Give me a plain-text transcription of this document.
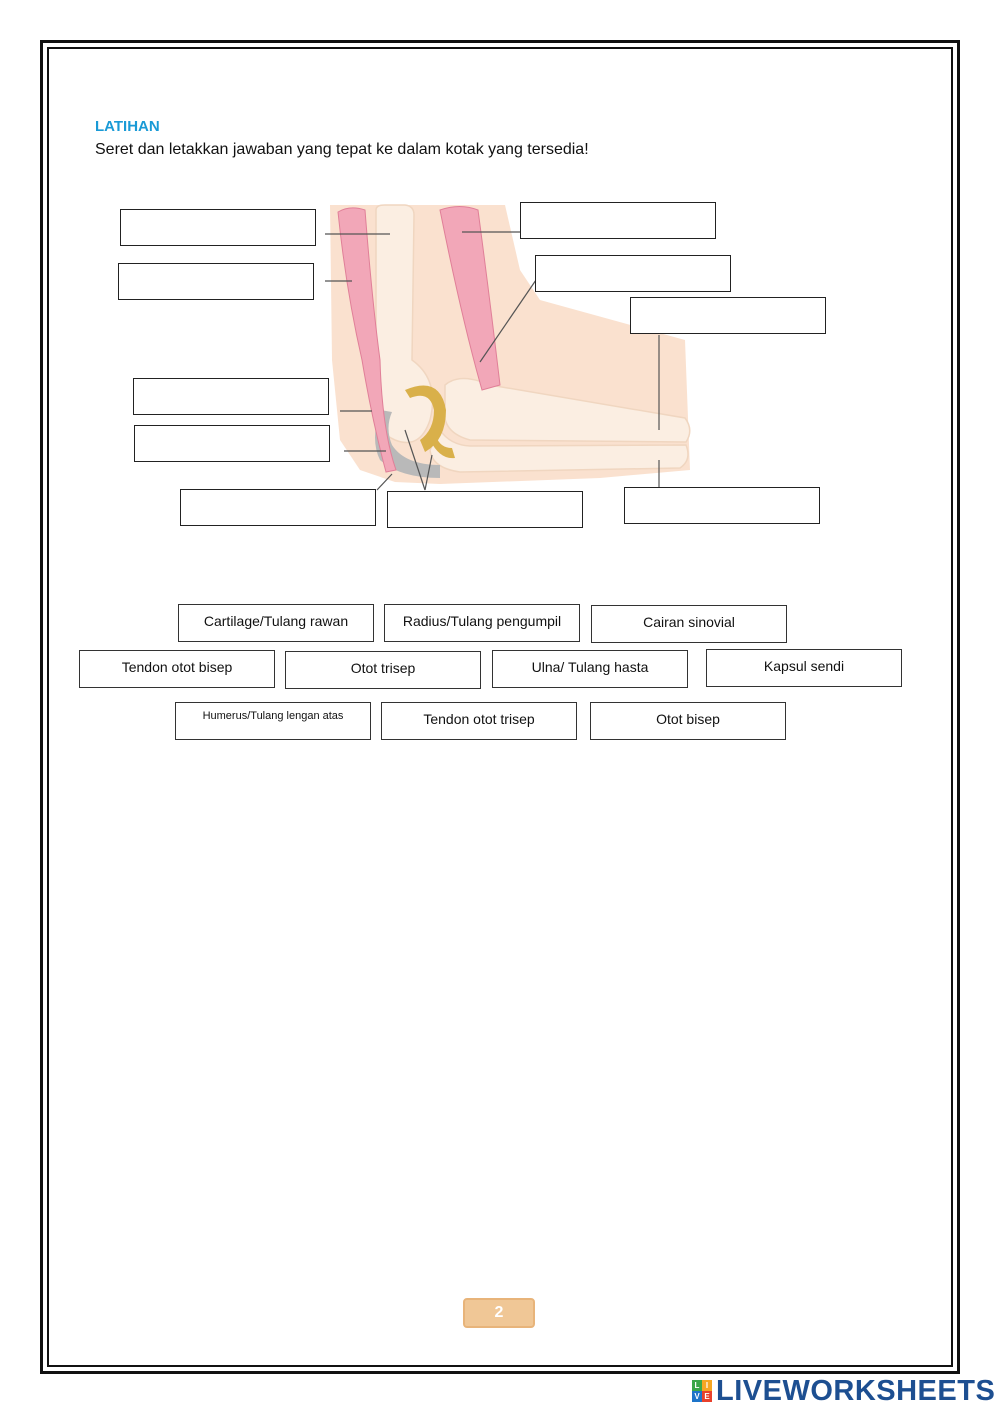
LATIHAN
Seret dan letakkan jawaban yang tepat ke dalam kotak yang tersedia!
Cartilage/Tulang rawan	Radius/Tulang pengumpil	Cairan sinovial
Tendon otot bisep	Otot trisep	Ulna/ Tulang hasta	Kapsul sendi
Humerus/Tulang lengan atas	Tendon otot trisep	Otot bisep
2
L I
V E LIVEWORKSHEETS
